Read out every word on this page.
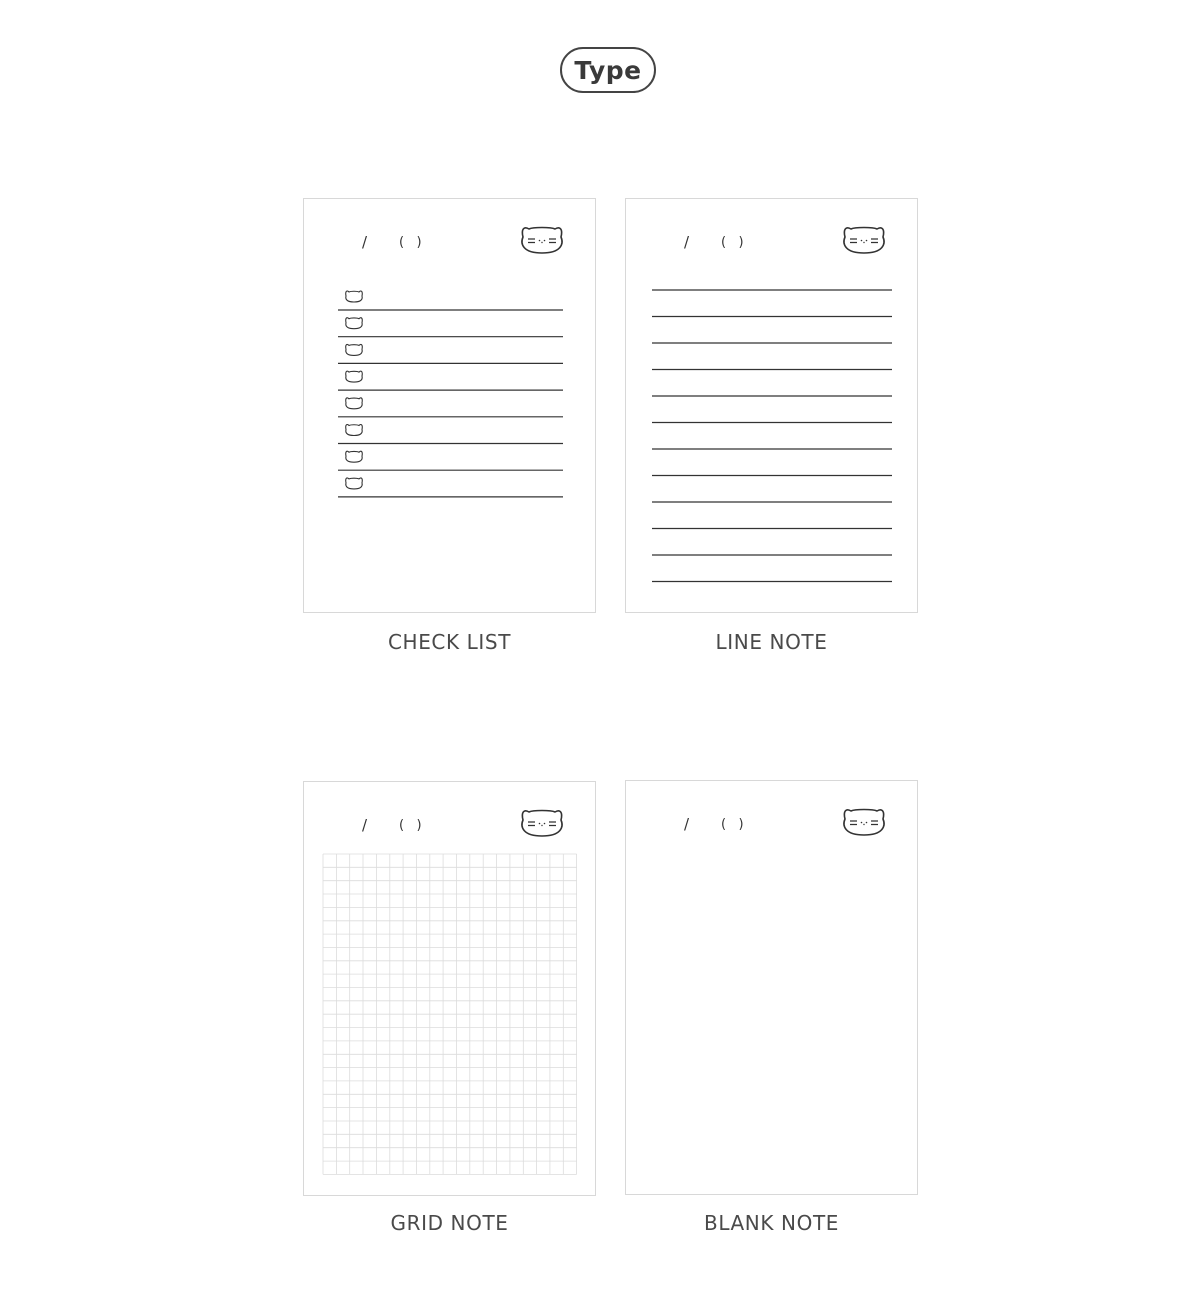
Type
/ (   )
CHECK LIST
/ (   )
LINE NOTE
/ (   )
GRID NOTE
/ (   )
BLANK NOTE
